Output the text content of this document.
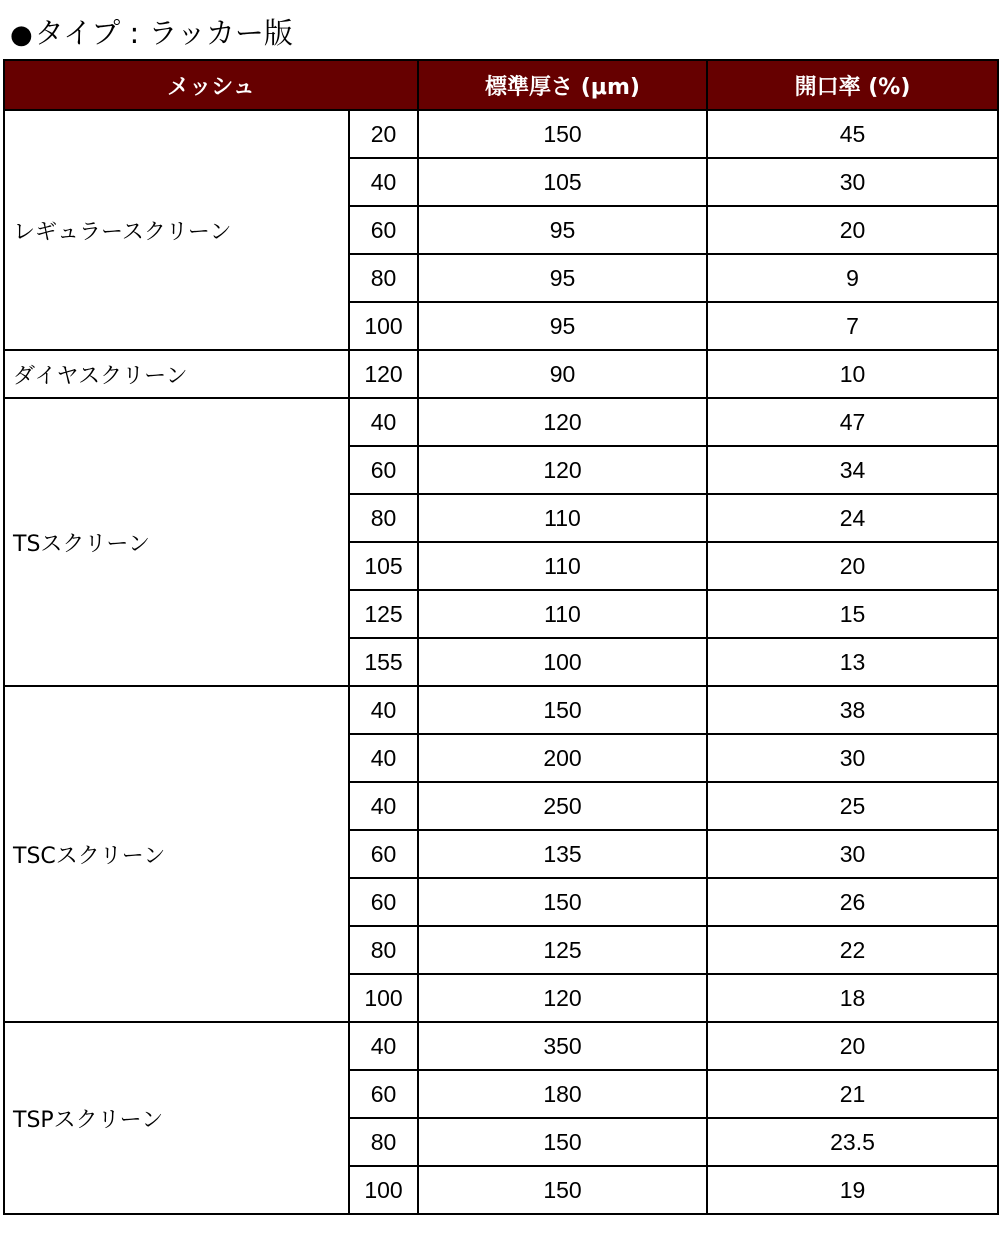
●タイプ : ラッカー版
メッシュ		標準厚さ (μm)	開口率 (%)
レギュラースクリーン	20	150	45
	40	105	30
	60	95	20
	80	95	9
	100	95	7
ダイヤスクリーン	120	90	10
TSスクリーン	40	120	47
	60	120	34
	80	110	24
	105	110	20
	125	110	15
	155	100	13
TSCスクリーン	40	150	38
	40	200	30
	40	250	25
	60	135	30
	60	150	26
	80	125	22
	100	120	18
TSPスクリーン	40	350	20
	60	180	21
	80	150	23.5
	100	150	19
